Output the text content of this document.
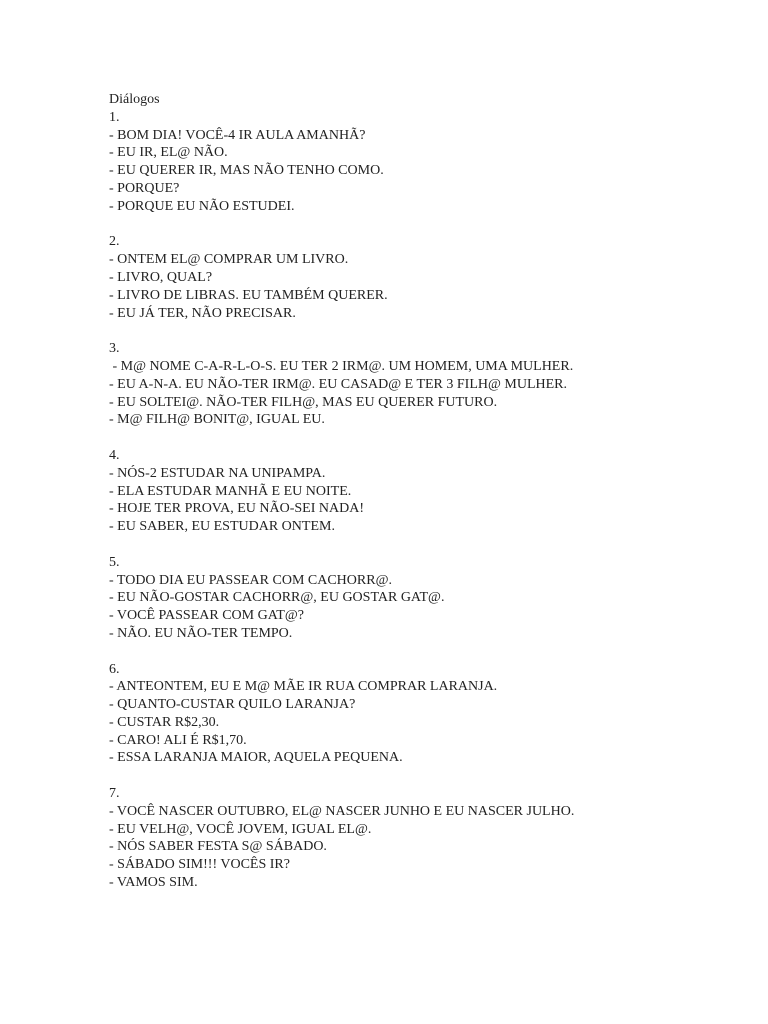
Diálogos

1.

- BOM DIA! VOCÊ-4 IR AULA AMANHÃ?

- EU IR, EL@ NÃO.

- EU QUERER IR, MAS NÃO TENHO COMO.

- PORQUE?

- PORQUE EU NÃO ESTUDEI.

2.

- ONTEM EL@ COMPRAR UM LIVRO.

- LIVRO, QUAL?

- LIVRO DE LIBRAS. EU TAMBÉM QUERER.

- EU JÁ TER, NÃO PRECISAR.

3.

- M@ NOME C-A-R-L-O-S. EU TER 2 IRM@. UM HOMEM, UMA MULHER.

- EU A-N-A. EU NÃO-TER IRM@. EU CASAD@ E TER 3 FILH@ MULHER.

- EU SOLTEI@. NÃO-TER FILH@, MAS EU QUERER FUTURO.

- M@ FILH@ BONIT@, IGUAL EU.

4.

- NÓS-2 ESTUDAR NA UNIPAMPA.

- ELA ESTUDAR MANHÃ E EU NOITE.

- HOJE TER PROVA, EU NÃO-SEI NADA!

- EU SABER, EU ESTUDAR ONTEM.

5.

- TODO DIA EU PASSEAR COM CACHORR@.

- EU NÃO-GOSTAR CACHORR@, EU GOSTAR GAT@.

- VOCÊ PASSEAR COM GAT@?

- NÃO. EU NÃO-TER TEMPO.

6.

- ANTEONTEM, EU E M@ MÃE IR RUA COMPRAR LARANJA.

- QUANTO-CUSTAR QUILO LARANJA?

- CUSTAR R$2,30.

- CARO! ALI É R$1,70.

- ESSA LARANJA MAIOR, AQUELA PEQUENA.

7.

- VOCÊ NASCER OUTUBRO, EL@ NASCER JUNHO E EU NASCER JULHO.

- EU VELH@, VOCÊ JOVEM, IGUAL EL@.

- NÓS SABER FESTA S@ SÁBADO.

- SÁBADO SIM!!! VOCÊS IR?

- VAMOS SIM.
